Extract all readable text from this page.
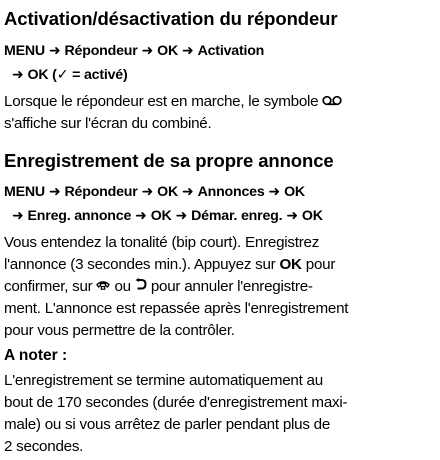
Activation/désactivation du répondeur
MENU ➜ Répondeur ➜ OK ➜ Activation
➜ OK (✓ = activé)
Lorsque le répondeur est en marche, le symbole
s'affiche sur l'écran du combiné.
Enregistrement de sa propre annonce
MENU ➜ Répondeur ➜ OK ➜ Annonces ➜ OK
➜ Enreg. annonce ➜ OK ➜ Démar. enreg. ➜ OK
Vous entendez la tonalité (bip court). Enregistrez
l'annonce (3 secondes min.). Appuyez sur OK pour
confirmer, sur ou pour annuler l'enregistre-
ment. L'annonce est repassée après l'enregistrement
pour vous permettre de la contrôler.
A noter :
L'enregistrement se termine automatiquement au
bout de 170 secondes (durée d'enregistrement maxi-
male) ou si vous arrêtez de parler pendant plus de
2 secondes.
